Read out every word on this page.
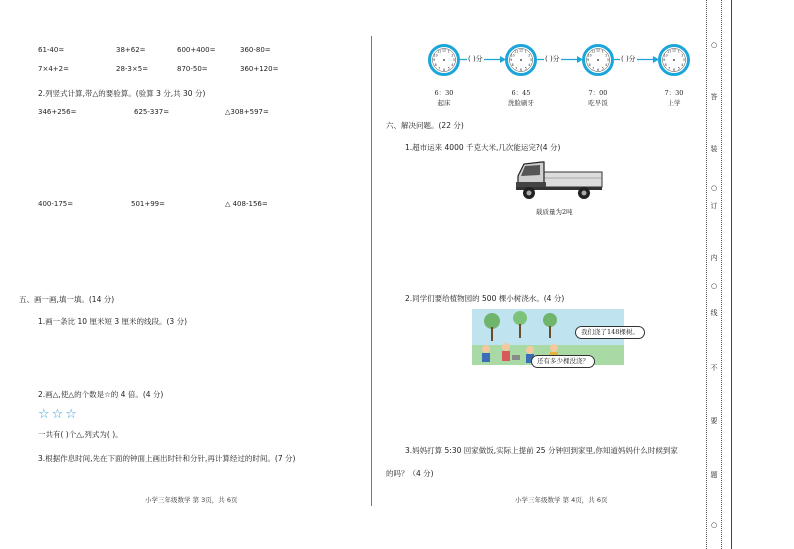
61-40=	38+62=	600+400=	360-80=
7×4+2=	28-3×5=	870-50=	360+120=
2.列竖式计算,带△的要验算。(验算 3 分,共 30 分)
346+256=	625-337=	△308+597=
400-175=	501+99=	△ 408-156=
五、画一画,填一填。(14 分)
1.画一条比 10 厘米短 3 厘米的线段。(3 分)
2.画△,使△的个数是☆的 4 倍。(4 分)
☆☆☆
一共有( )个△,列式为( )。
3.根据作息时间,先在下面的钟面上画出时针和分针,再计算经过的时间。(7 分)
小学三年级数学 第 3页，共 6页
12
3
6
9
1
2
4
5
7
8
10
11	12
3
6
9
1
2
4
5
7
8
10
11	12
3
6
9
1
2
4
5
7
8
10
11	12
3
6
9
1
2
4
5
7
8
10
11
( )分	( )分	( )分
6：30	6：45	7：00	7：30
起床	洗脸刷牙	吃早饭	上学
六、解决问题。(22 分)
1.超市运来 4000 千克大米,几次能运完?(4 分)
载质量为2吨
2.同学们要给植物园的 500 棵小树浇水。(4 分)
我们浇了148棵树。
还有多少棵没浇？
3.妈妈打算 5:30 回家做饭,实际上提前 25 分钟回到家里,你知道妈妈什么时候到家
的吗？（4 分)
小学三年级数学 第 4页，共 6页
○
答
装
○
订
内
○
线
不
要
题
○
